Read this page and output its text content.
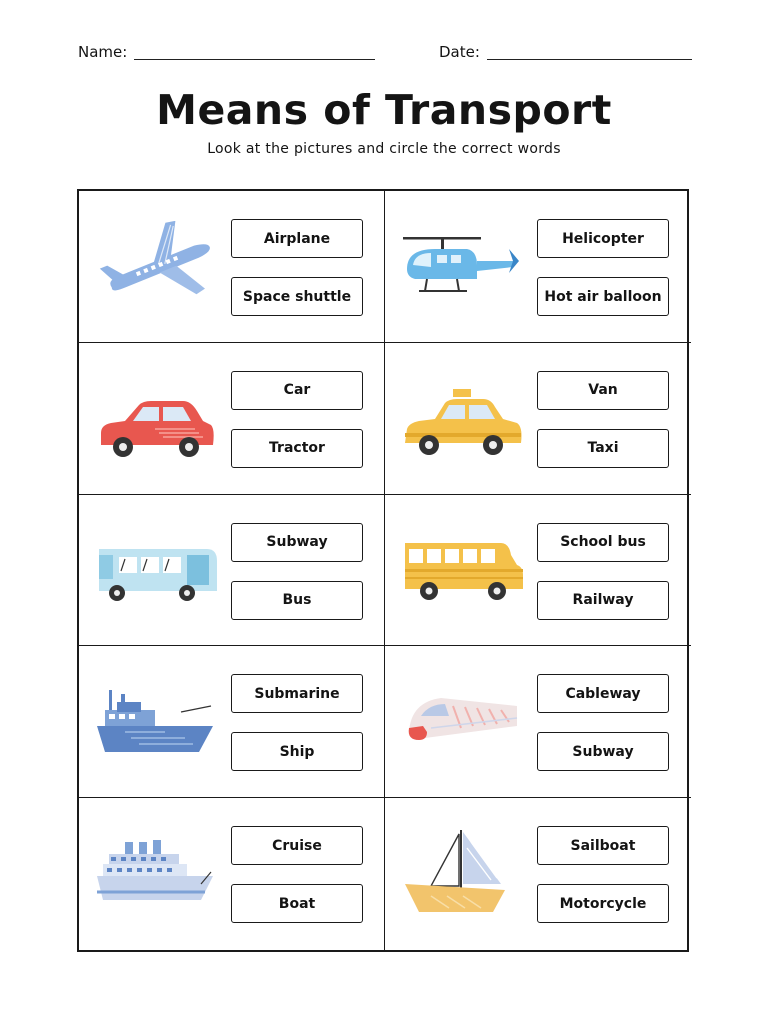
Name:	Date:
Means of Transport
Look at the pictures and circle the correct words
Airplane
Space shuttle
Helicopter
Hot air balloon
Car
Tractor
Van
Taxi
Subway
Bus
School bus
Railway
Submarine
Ship
Cableway
Subway
Cruise
Boat
Sailboat
Motorcycle
